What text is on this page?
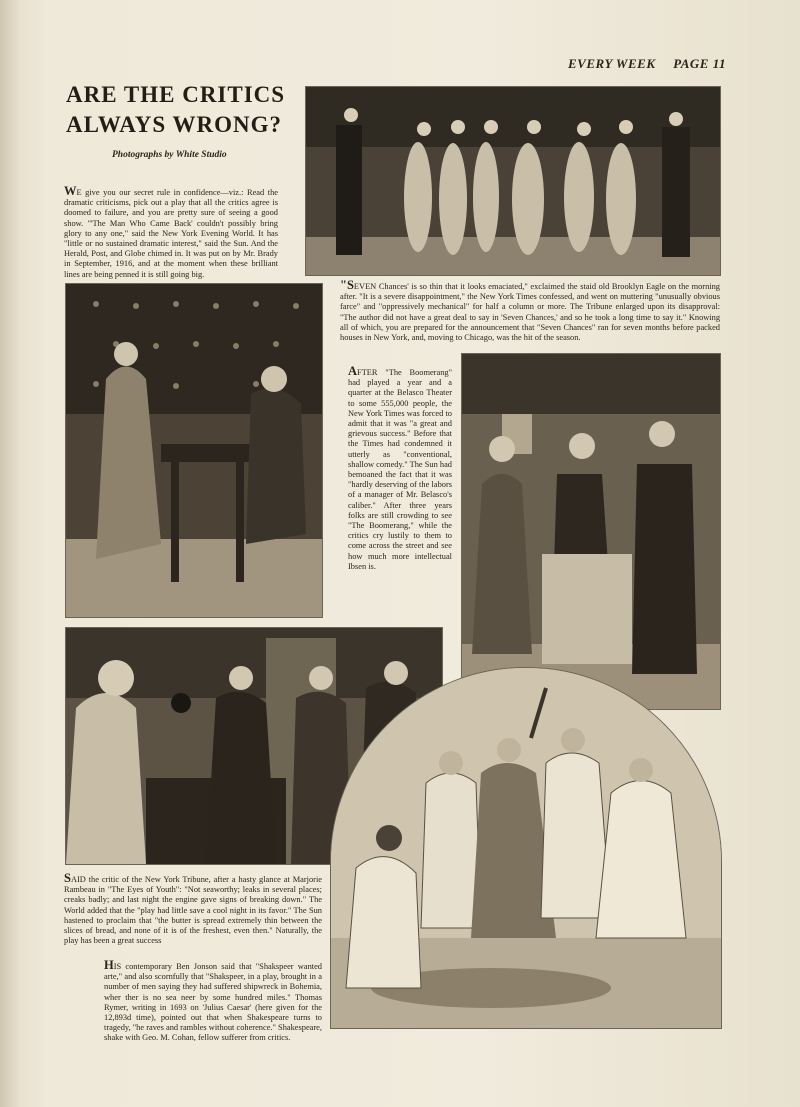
EVERY WEEK PAGE 11
ARE THE CRITICS ALWAYS WRONG?
Photographs by White Studio
WE give you our secret rule in confidence—viz.: Read the dramatic criticisms, pick out a play that all the critics agree is doomed to failure, and you are pretty sure of seeing a good show. "'The Man Who Came Back' couldn't possibly bring glory to any one," said the New York Evening World. It has "little or no sustained dramatic interest," said the Sun. And the Herald, Post, and Globe chimed in. It was put on by Mr. Brady in September, 1916, and at the moment when these brilliant lines are being penned it is still going big.
"SEVEN Chances' is so thin that it looks emaciated," exclaimed the staid old Brooklyn Eagle on the morning after. "It is a severe disappointment," the New York Times confessed, and went on muttering "unusually obvious farce" and "oppressively mechanical" for half a column or more. The Tribune enlarged upon its disapproval: "The author did not have a great deal to say in 'Seven Chances,' and so he took a long time to say it." Knowing all of which, you are prepared for the announcement that "Seven Chances" ran for seven months before packed houses in New York, and, moving to Chicago, was the hit of the season.
AFTER "The Boomerang" had played a year and a quarter at the Belasco Theater to some 555,000 people, the New York Times was forced to admit that it was "a great and grievous success." Before that the Times had condemned it utterly as "conventional, shallow comedy." The Sun had bemoaned the fact that it was "hardly deserving of the labors of a manager of Mr. Belasco's caliber." After three years folks are still crowding to see "The Boomerang," while the critics cry lustily to them to come across the street and see how much more intellectual Ibsen is.
SAID the critic of the New York Tribune, after a hasty glance at Marjorie Rambeau in "The Eyes of Youth": "Not seaworthy; leaks in several places; creaks badly; and last night the engine gave signs of breaking down." The World added that the "play had little save a cool night in its favor." The Sun hastened to proclaim that "the butter is spread extremely thin between the slices of bread, and none of it is of the freshest, even then." Naturally, the play has been a great success
HIS contemporary Ben Jonson said that "Shakspeer wanted arte," and also scornfully that "Shakspeer, in a play, brought in a number of men saying they had suffered shipwreck in Bohemia, wher ther is no sea neer by some hundred miles." Thomas Rymer, writing in 1693 on 'Julius Caesar' (here given for the 12,893d time), pointed out that when Shakespeare turns to tragedy, "he raves and rambles without coherence." Shakespeare, shake with Geo. M. Cohan, fellow sufferer from critics.
